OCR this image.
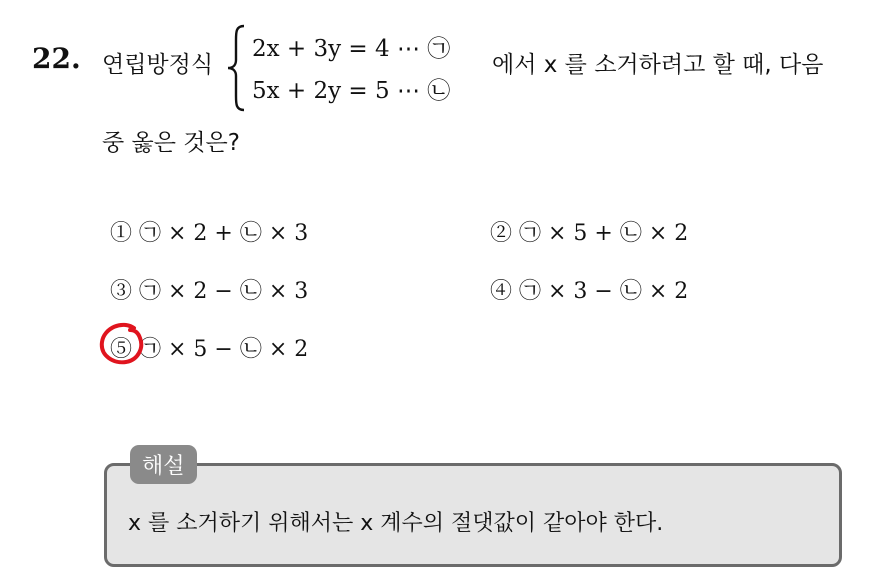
22. 연립방정식
2x + 3y = 4 ⋯ ㉠
5x + 2y = 5 ⋯ ㉡
에서 x 를 소거하려고 할 때, 다음
중 옳은 것은?
① ㉠ × 2 + ㉡ × 3	② ㉠ × 5 + ㉡ × 2
③ ㉠ × 2 − ㉡ × 3	④ ㉠ × 3 − ㉡ × 2
⑤ ㉠ × 5 − ㉡ × 2
해설
x 를 소거하기 위해서는 x 계수의 절댓값이 같아야 한다.
